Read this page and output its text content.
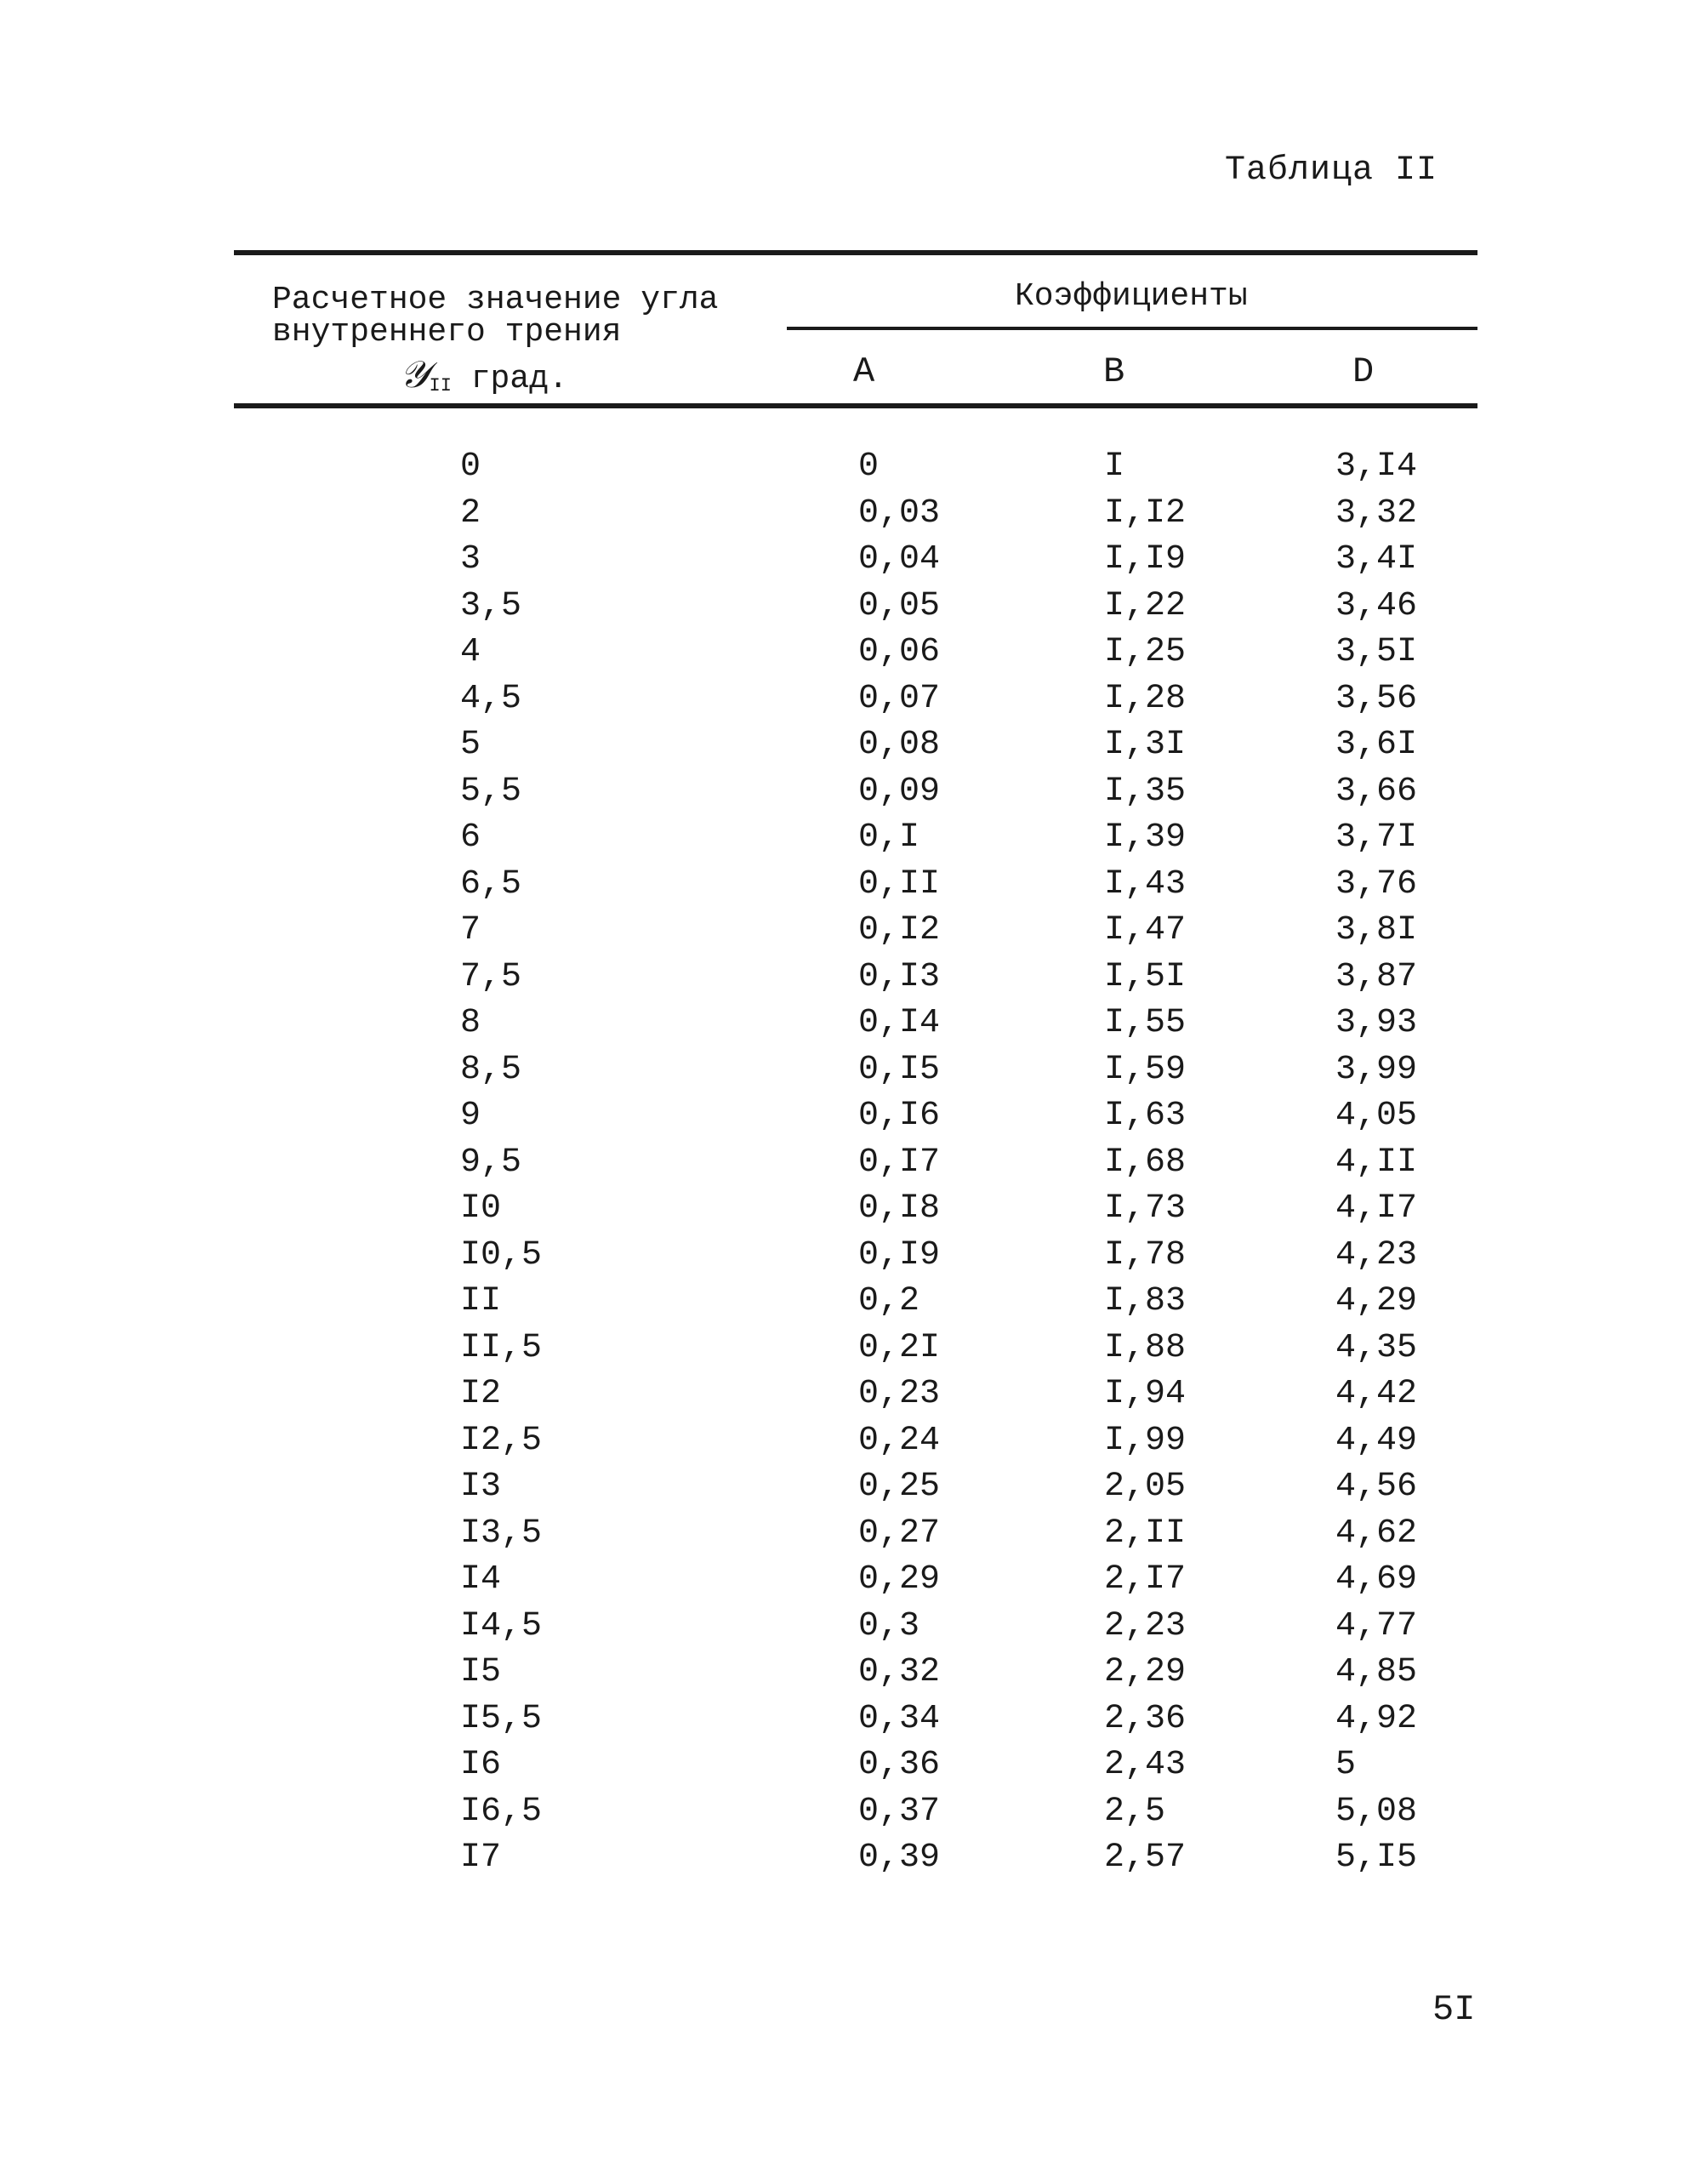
Таблица II
Расчетное значение угла
внутреннего трения
𝒴II град.
Коэффициенты
A	B	D
0	0	I	3,I4
2	0,03	I,I2	3,32
3	0,04	I,I9	3,4I
3,5	0,05	I,22	3,46
4	0,06	I,25	3,5I
4,5	0,07	I,28	3,56
5	0,08	I,3I	3,6I
5,5	0,09	I,35	3,66
6	0,I	I,39	3,7I
6,5	0,II	I,43	3,76
7	0,I2	I,47	3,8I
7,5	0,I3	I,5I	3,87
8	0,I4	I,55	3,93
8,5	0,I5	I,59	3,99
9	0,I6	I,63	4,05
9,5	0,I7	I,68	4,II
I0	0,I8	I,73	4,I7
I0,5	0,I9	I,78	4,23
II	0,2	I,83	4,29
II,5	0,2I	I,88	4,35
I2	0,23	I,94	4,42
I2,5	0,24	I,99	4,49
I3	0,25	2,05	4,56
I3,5	0,27	2,II	4,62
I4	0,29	2,I7	4,69
I4,5	0,3	2,23	4,77
I5	0,32	2,29	4,85
I5,5	0,34	2,36	4,92
I6	0,36	2,43	5
I6,5	0,37	2,5	5,08
I7	0,39	2,57	5,I5
5I
